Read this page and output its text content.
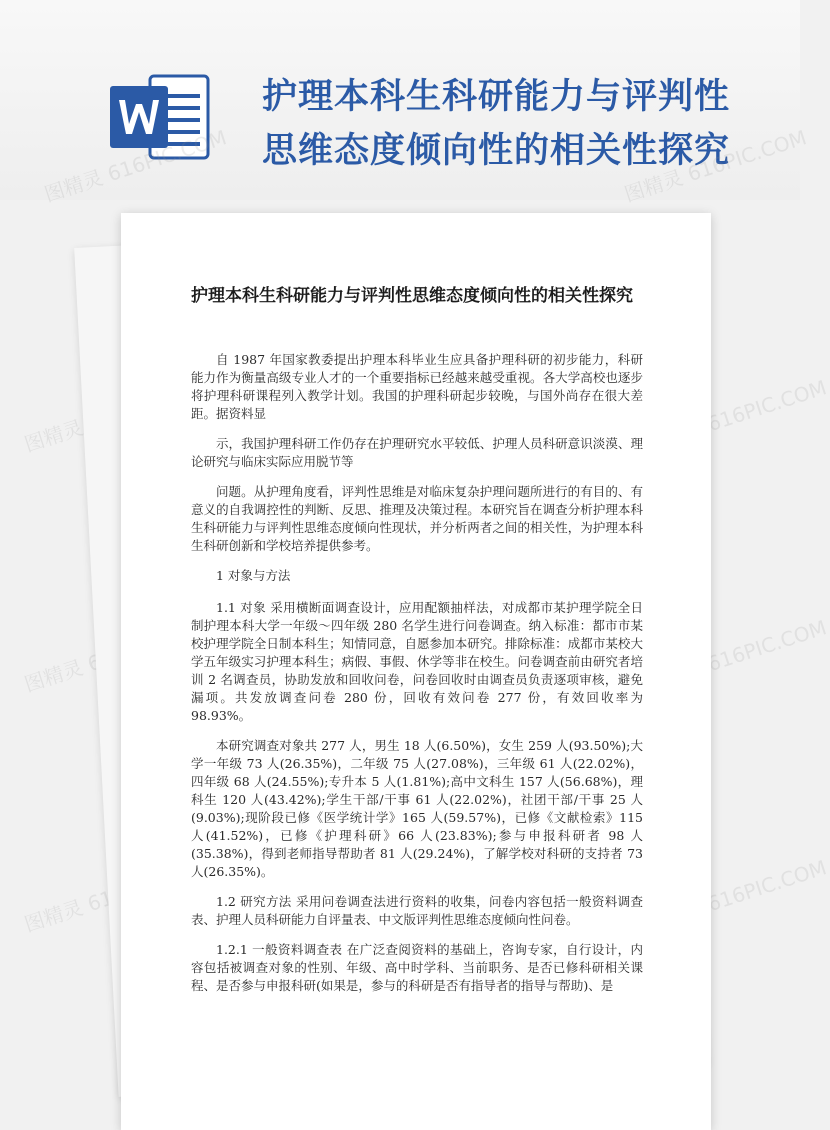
护理本科生科研能力与评判性
思维态度倾向性的相关性探究
图精灵
图精灵
图精灵
图精灵 616PIC.COM
图精灵 616PIC.COM
图精灵 616PIC.COM
护理本科生科研能力与评判性思维态度倾向性的相关性探究

自 1987 年国家教委提出护理本科毕业生应具备护理科研的初步能力，科研能力作为衡量高级专业人才的一个重要指标已经越来越受重视。各大学高校也逐步将护理科研课程列入教学计划。我国的护理科研起步较晚，与国外尚存在很大差距。据资料显

示，我国护理科研工作仍存在护理研究水平较低、护理人员科研意识淡漠、理论研究与临床实际应用脱节等

问题。从护理角度看，评判性思维是对临床复杂护理问题所进行的有目的、有意义的自我调控性的判断、反思、推理及决策过程。本研究旨在调查分析护理本科生科研能力与评判性思维态度倾向性现状，并分析两者之间的相关性，为护理本科生科研创新和学校培养提供参考。

1 对象与方法

1.1 对象 采用横断面调查设计，应用配额抽样法，对成都市某护理学院全日制护理本科大学一年级～四年级 280 名学生进行问卷调查。纳入标准：都市市某校护理学院全日制本科生；知情同意，自愿参加本研究。排除标准：成都市某校大学五年级实习护理本科生；病假、事假、休学等非在校生。问卷调查前由研究者培训 2 名调查员，协助发放和回收问卷，问卷回收时由调查员负责逐项审核，避免漏项。共发放调查问卷 280 份，回收有效问卷 277 份，有效回收率为 98.93%。

本研究调查对象共 277 人，男生 18 人(6.50%)，女生 259 人(93.50%);大学一年级 73 人(26.35%)，二年级 75 人(27.08%)，三年级 61 人(22.02%)，四年级 68 人(24.55%);专升本 5 人(1.81%);高中文科生 157 人(56.68%)，理科生 120 人(43.42%);学生干部/干事 61 人(22.02%)，社团干部/干事 25 人(9.03%);现阶段已修《医学统计学》165 人(59.57%)，已修《文献检索》115 人(41.52%)，已修《护理科研》66 人(23.83%);参与申报科研者 98 人(35.38%)，得到老师指导帮助者 81 人(29.24%)，了解学校对科研的支持者 73 人(26.35%)。

1.2 研究方法 采用问卷调查法进行资料的收集，问卷内容包括一般资料调查表、护理人员科研能力自评量表、中文版评判性思维态度倾向性问卷。

1.2.1 一般资料调查表 在广泛查阅资料的基础上，咨询专家，自行设计，内容包括被调查对象的性别、年级、高中时学科、当前职务、是否已修科研相关课程、是否参与申报科研(如果是，参与的科研是否有指导者的指导与帮助)、是
